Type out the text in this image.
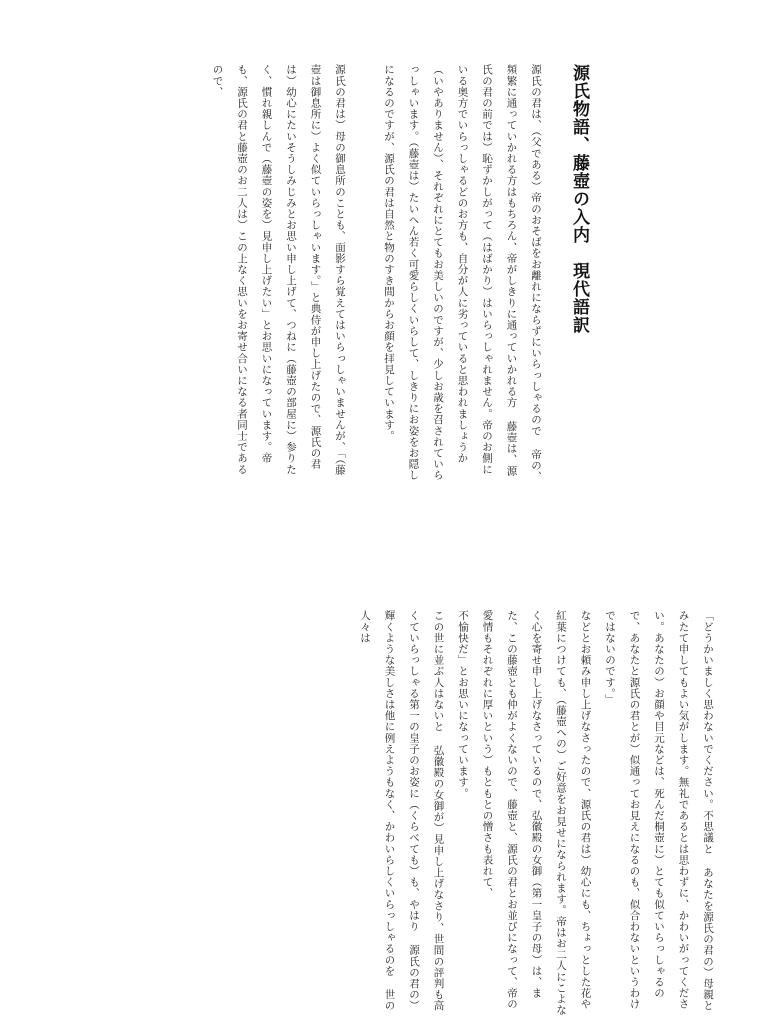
源氏物語、藤壺の入内　現代語訳

源氏の君は、（父である）帝のおそばをお離れにならずにいらっしゃるので 帝の、頻繁に通っていかれる方はもちろん、帝がしきりに通っていかれる方 藤壺は、源氏の君の前では）恥ずかしがって（はばかり）はいらっしゃれません。帝のお側にいる奥方でいらっしゃるどのお方も、自分が人に劣っていると思われましょうか（いやありません）、それぞれにとてもお美しいのですが、少しお歳を召されていらっしゃいます。（藤壺は）たいへん若く可愛らしくいらして、しきりにお姿をお隠しになるのですが、源氏の君は自然と物のすき間からお顔を拝見しています。

源氏の君は）母の御息所のことも、面影すら覚えてはいらっしゃいませんが、「（藤壺は御息所に）よく似ていらっしゃいます。」と典侍が申し上げたので、源氏の君は）幼心にたいそうしみじみとお思い申し上げて、つねに（藤壺の部屋に）参りたく、慣れ親しんで（藤壺の姿を）見申し上げたい」とお思いになっています。帝も、源氏の君と藤壺のお二人は）この上なく思いをお寄せ合いになる者同士であるので、

「どうかいましく思わないでください。不思議と あなたを源氏の君の）母親とみたて申してもよい気がします。無礼であるとは思わずに、かわいがってください。あなたの）お顔や目元などは、死んだ桐壺に）とても似ていらっしゃるので、あなたと源氏の君とが）似通ってお見えになるのも、似合わないというわけではないのです。」

などとお頼み申し上げなさったので、源氏の君は）幼心にも、ちょっとした花や紅葉につけても、（藤壺への）ご好意をお見せになられます。帝はお二人にこよなく心を寄せ申し上げなさっているので、弘徽殿の女御（第一皇子の母）は、また、この藤壺とも仲がよくないので、藤壺と、源氏の君とお並びになって、帝の愛情もそれぞれに厚いという）もともとの憎さも表れて、

不愉快だ」とお思いになっています。

この世に並ぶ人はないと 弘徽殿の女御が）見申し上げなさり、世間の評判も高くていらっしゃる第一の皇子のお姿に（くらべても）も、やはり 源氏の君の）輝くような美しさは他に例えようもなく、かわいらしくいらっしゃるのを 世の人々は
